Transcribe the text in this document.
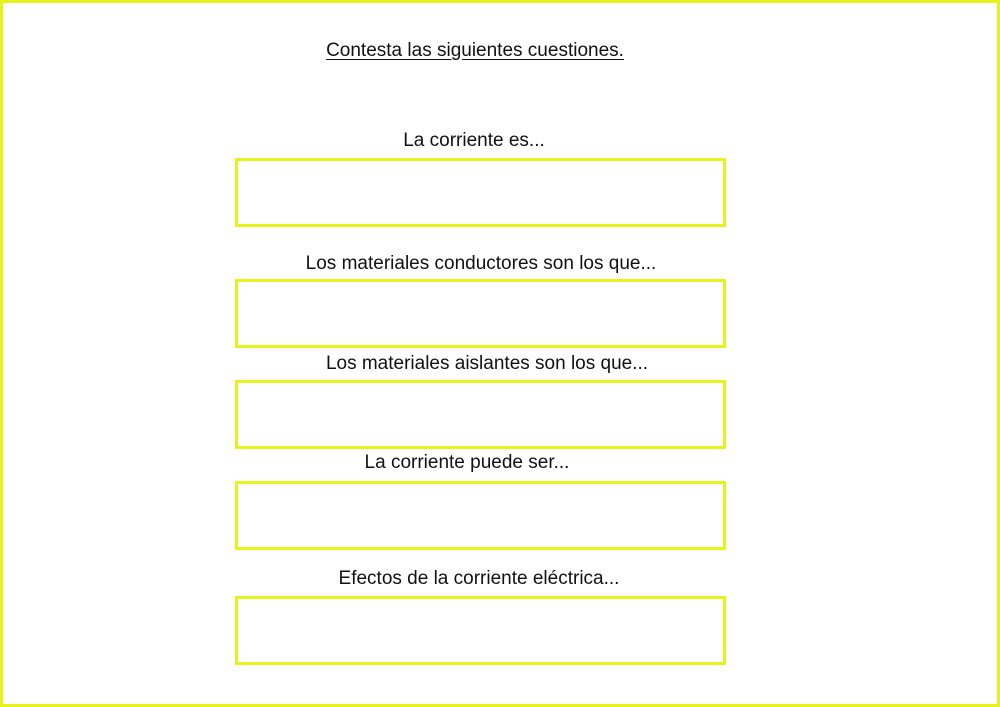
Contesta las siguientes cuestiones.
La corriente es...
Los materiales conductores son los que...
Los materiales aislantes son los que...
La corriente puede ser...
Efectos de la corriente eléctrica...
